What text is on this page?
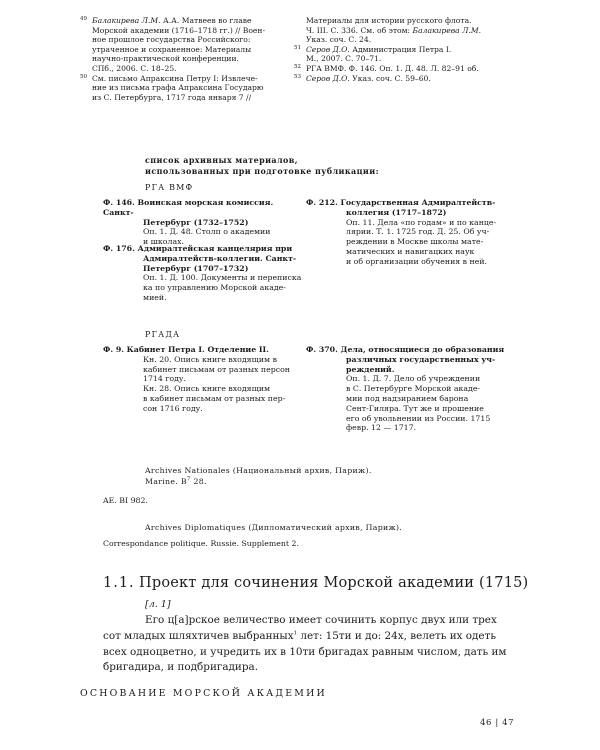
49 Балакирева Л.М. А.А. Матвеев во главе
Морской академии (1716–1718 гг.) // Воен-
ное прошлое государства Российского:
утраченное и сохраненное: Материалы
научно-практической конференции.
СПб., 2006. С. 18–25.
50 См. письмо Апраксина Петру I: Извлече-
ние из письма графа Апраксина Государю
из С. Петербурга, 1717 года января 7 //
Материалы для истории русского флота.
Ч. III. С. 336. См. об этом: Балакирева Л.М.
Указ. соч. С. 24.
51 Серов Д.О. Администрация Петра I.
М., 2007. С. 70–71.
52 РГА ВМФ. Ф. 146. Оп. 1. Д. 48. Л. 82–91 об.
53 Серов Д.О. Указ. соч. С. 59–60.
список архивных материалов,
использованных при подготовке публикации:
РГА ВМФ
Ф. 146. Воинская морская комиссия. Санкт-
Петербург (1732–1752)
Оп. 1. Д. 48. Столп о академии
и школах.
Ф. 176. Адмиралтейская канцелярия при
Адмиралтейств-коллегии. Санкт-
Петербург (1707–1732)
Оп. 1. Д. 100. Документы и переписка
ка по управлению Морской акаде-
мией.
Ф. 212. Государственная Адмиралтейств-
коллегия (1717–1872)
Оп. 11. Дела «по годам» и по канце-
лярии. Т. 1. 1725 год. Д. 25. Об уч-
реждении в Москве школы мате-
матических и навигацких наук
и об организации обучения в ней.
РГАДА
Ф. 9. Кабинет Петра I. Отделение II.
Кн. 20. Опись книге входящим в
кабинет письмам от разных персон
1714 году.
Кн. 28. Опись книге входящим
в кабинет письмам от разных пер-
сон 1716 году.
Ф. 370. Дела, относящиеся до образования
различных государственных уч-
реждений.
Оп. 1. Д. 7. Дело об учреждении
в С. Петербурге Морской акаде-
мии под надзиранием барона
Сент-Гиляра. Тут же и прошение
его об увольнении из России. 1715
февр. 12 — 1717.
Archives Nationales (Национальный архив, Париж).
Marine. $B^7$ 28.
AE. BI 982.
Archives Diplomatiques (Дипломатический архив, Париж).
Correspondance politique. Russie. Supplement 2.
1.1. Проект для сочинения Морской академии (1715)
[л. 1]
Его ц[а]рское величество имеет сочинить корпус двух или трех
сот младых шляхтичев выбранных$^1$ лет: 15ти и до: 24х, велеть их одеть
всех одноцветно, и учредить их в 10ти бригадах равным числом, дать им
бригадира, и подбригадира.
ОСНОВАНИЕ МОРСКОЙ АКАДЕМИИ
46 | 47
